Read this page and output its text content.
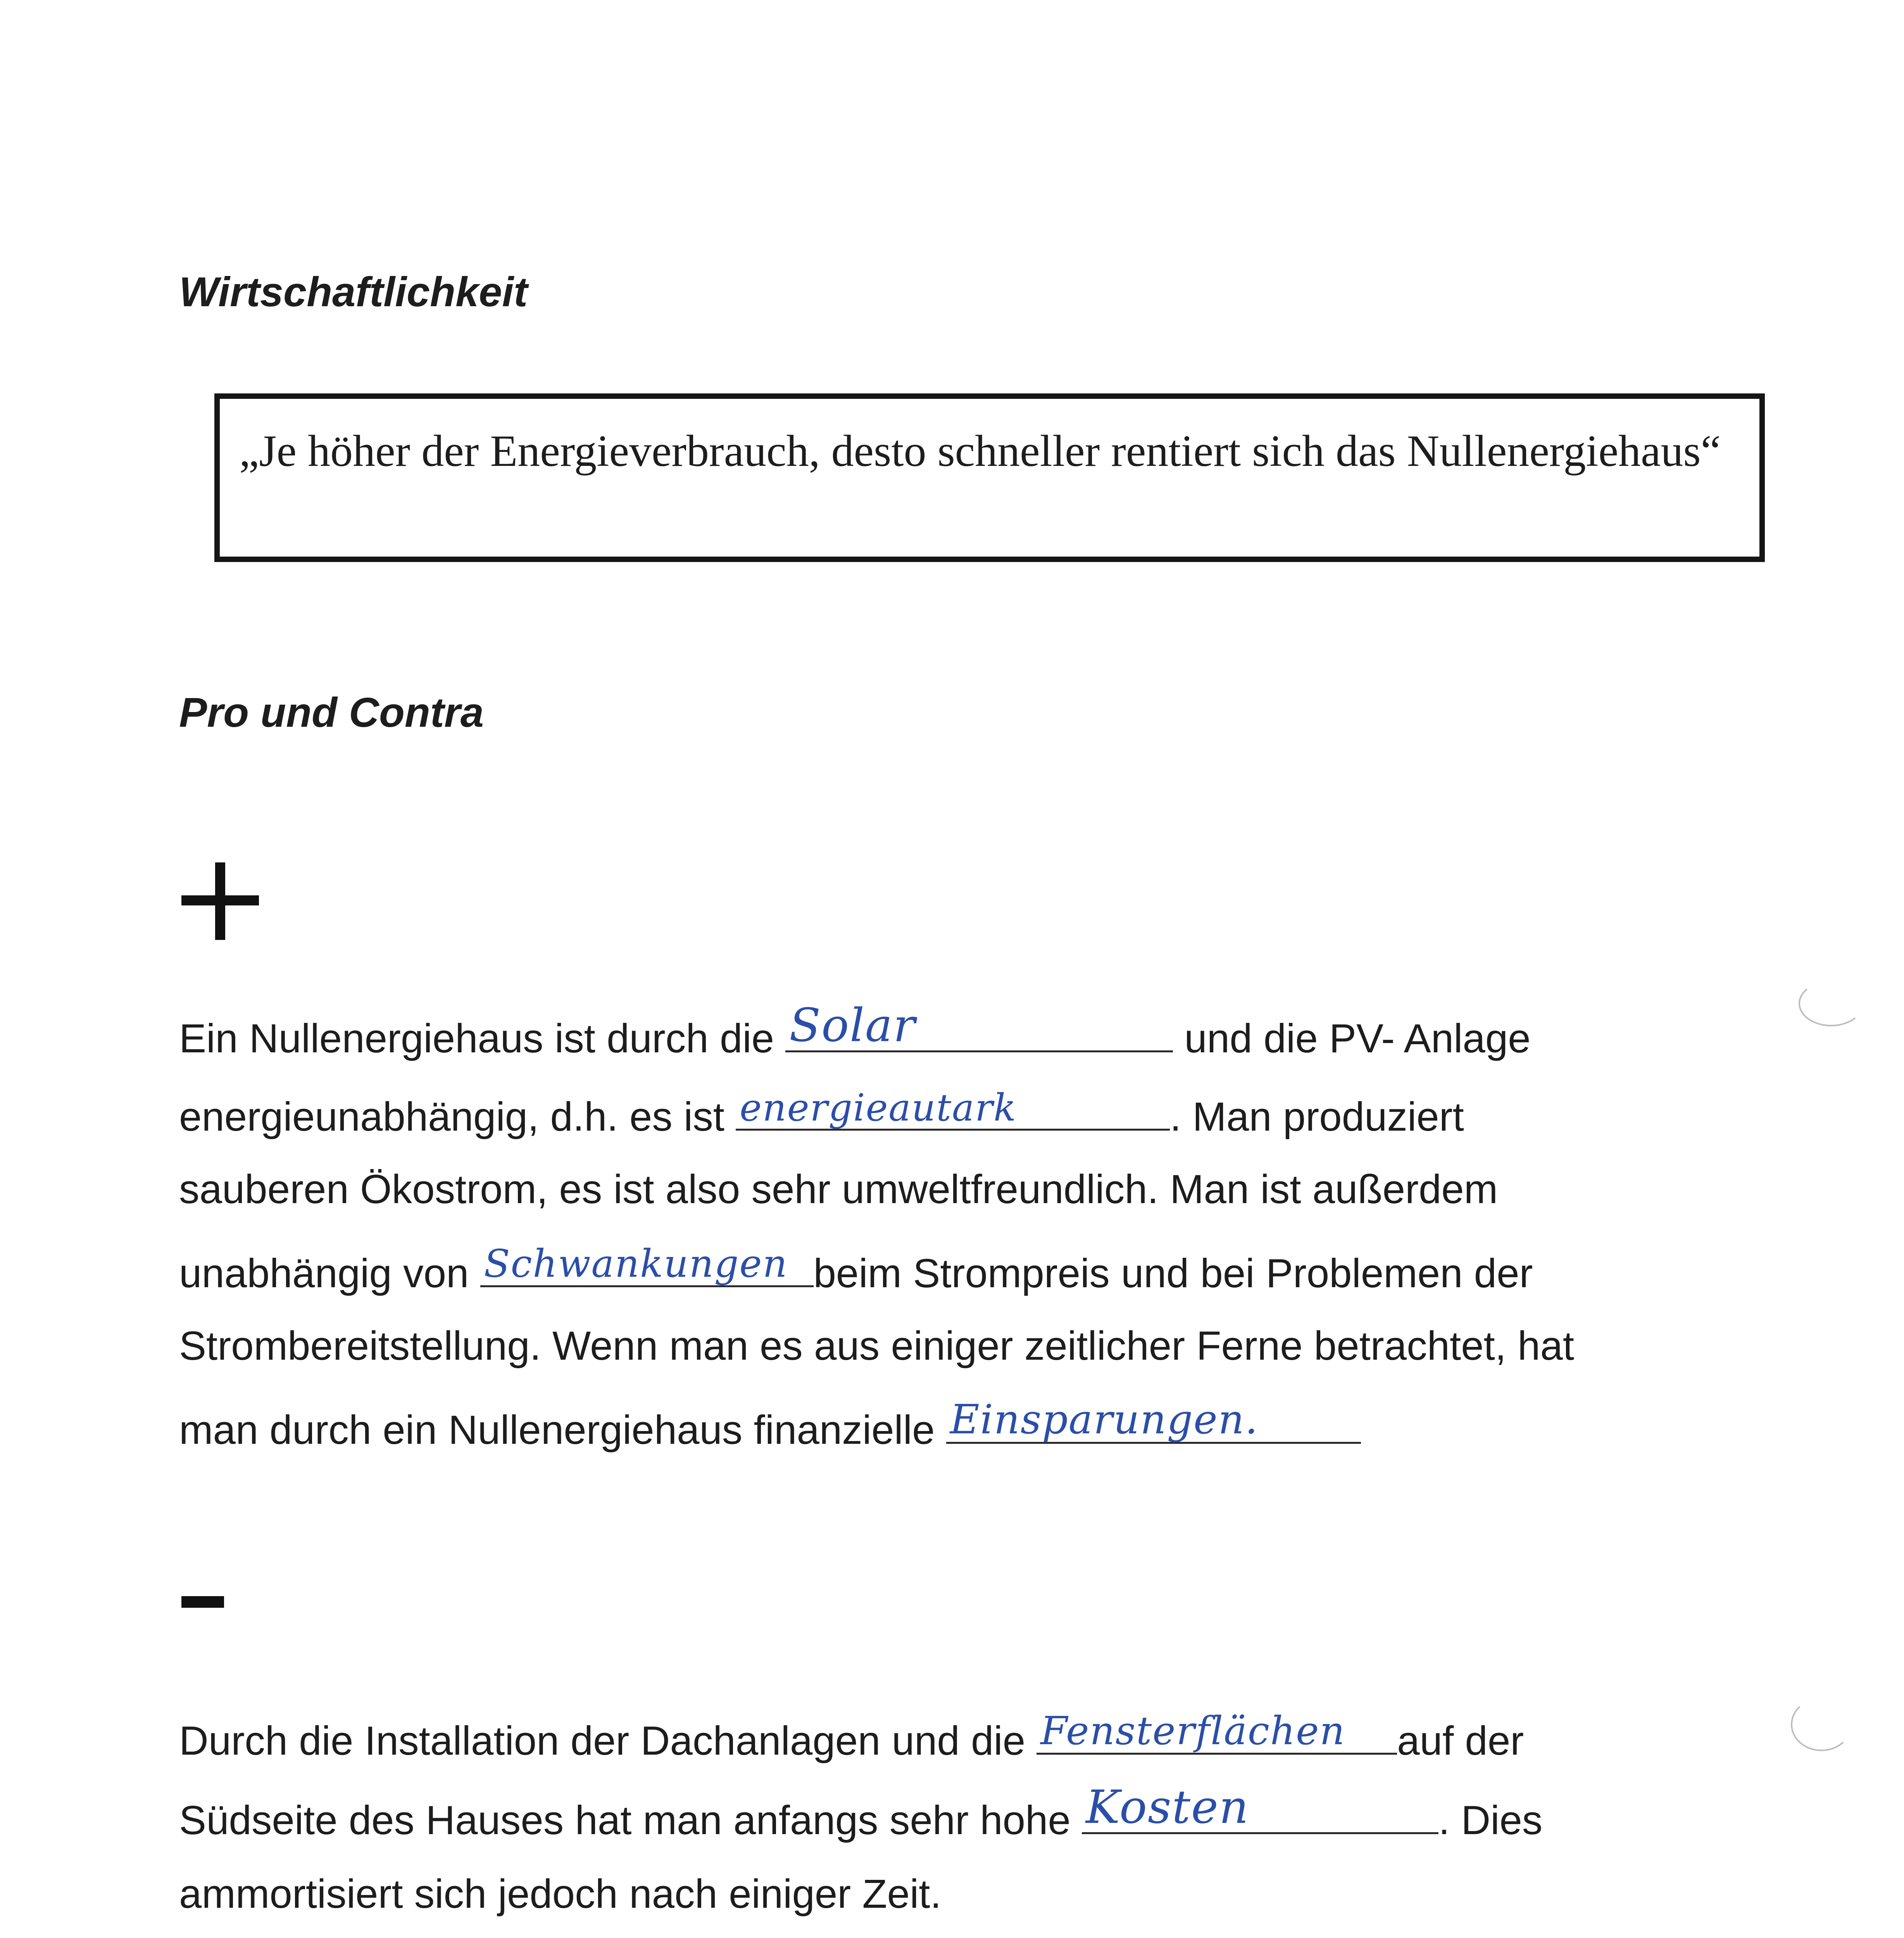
Wirtschaftlichkeit
„Je höher der Energieverbrauch, desto schneller rentiert sich das Nullenergiehaus“
Pro und Contra
Ein Nullenergiehaus ist durch die Solar	und die PV- Anlage
energieunabhängig, d.h. es ist energieautark	. Man produziert
sauberen Ökostrom, es ist also sehr umweltfreundlich. Man ist außerdem
unabhängig von Schwankungen beim Strompreis und bei Problemen der
Strombereitstellung. Wenn man es aus einiger zeitlicher Ferne betrachtet, hat
man durch ein Nullenergiehaus finanzielle Einsparungen.
Durch die Installation der Dachanlagen und die Fensterflächen auf der
Südseite des Hauses hat man anfangs sehr hohe Kosten	. Dies
ammortisiert sich jedoch nach einiger Zeit.
